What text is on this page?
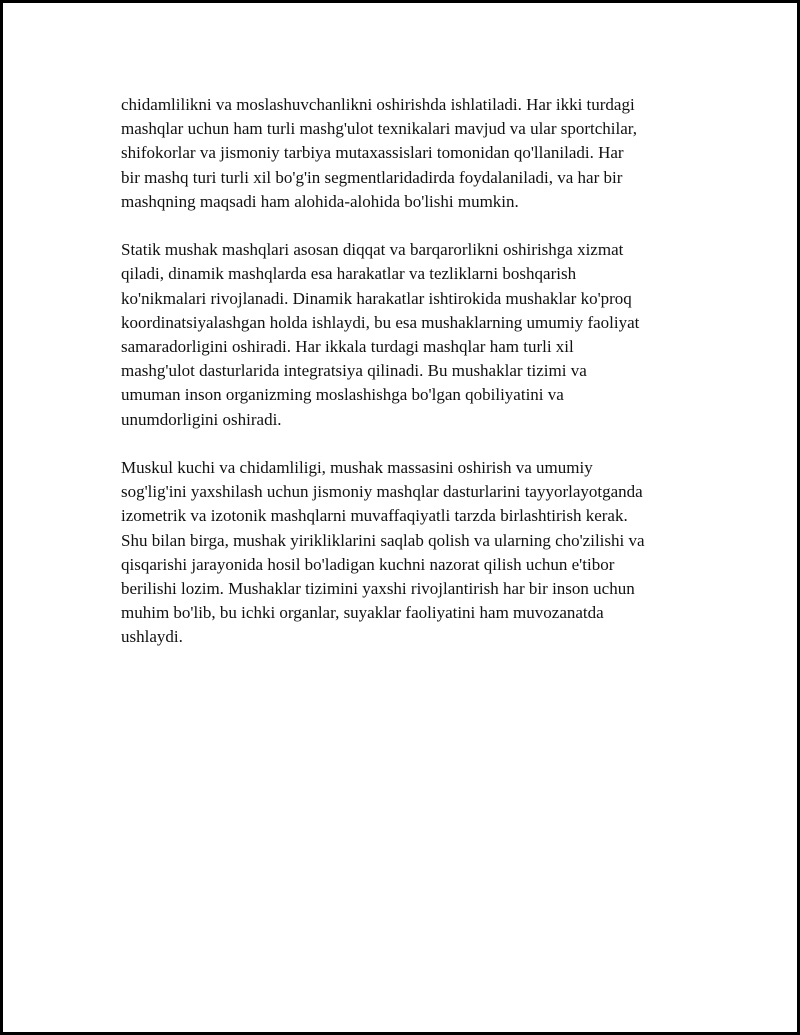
chidamlilikni va moslashuvchanlikni oshirishda ishlatiladi. Har ikki turdagi
mashqlar uchun ham turli mashg'ulot texnikalari mavjud va ular sportchilar,
shifokorlar va jismoniy tarbiya mutaxassislari tomonidan qo'llaniladi. Har
bir mashq turi turli xil bo'g'in segmentlaridadirda foydalaniladi, va har bir
mashqning maqsadi ham alohida-alohida bo'lishi mumkin.

Statik mushak mashqlari asosan diqqat va barqarorlikni oshirishga xizmat
qiladi, dinamik mashqlarda esa harakatlar va tezliklarni boshqarish
ko'nikmalari rivojlanadi. Dinamik harakatlar ishtirokida mushaklar ko'proq
koordinatsiyalashgan holda ishlaydi, bu esa mushaklarning umumiy faoliyat
samaradorligini oshiradi. Har ikkala turdagi mashqlar ham turli xil
mashg'ulot dasturlarida integratsiya qilinadi. Bu mushaklar tizimi va
umuman inson organizming moslashishga bo'lgan qobiliyatini va
unumdorligini oshiradi.

Muskul kuchi va chidamliligi, mushak massasini oshirish va umumiy
sog'lig'ini yaxshilash uchun jismoniy mashqlar dasturlarini tayyorlayotganda
izometrik va izotonik mashqlarni muvaffaqiyatli tarzda birlashtirish kerak.
Shu bilan birga, mushak yirikliklarini saqlab qolish va ularning cho'zilishi va
qisqarishi jarayonida hosil bo'ladigan kuchni nazorat qilish uchun e'tibor
berilishi lozim. Mushaklar tizimini yaxshi rivojlantirish har bir inson uchun
muhim bo'lib, bu ichki organlar, suyaklar faoliyatini ham muvozanatda
ushlaydi.
